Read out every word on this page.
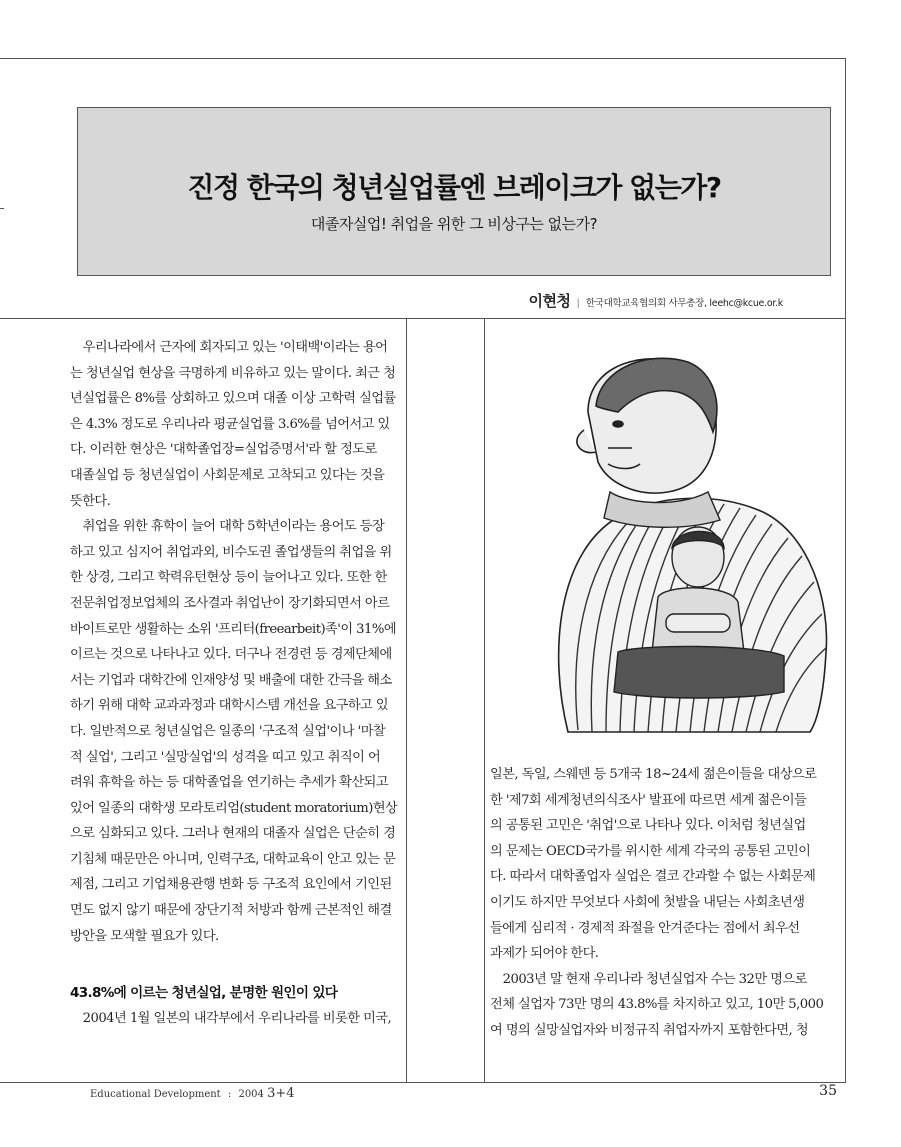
진정 한국의 청년실업률엔 브레이크가 없는가?
대졸자실업! 취업을 위한 그 비상구는 없는가?
이현청 | 한국대학교육협의회 사무총장, leehc@kcue.or.k
　우리나라에서 근자에 회자되고 있는 '이태백'이라는 용어
는 청년실업 현상을 극명하게 비유하고 있는 말이다. 최근 청
년실업률은 8%를 상회하고 있으며 대졸 이상 고학력 실업률
은 4.3% 정도로 우리나라 평균실업률 3.6%를 넘어서고 있
다. 이러한 현상은 '대학졸업장=실업증명서'라 할 정도로
대졸실업 등 청년실업이 사회문제로 고착되고 있다는 것을
뜻한다.
　취업을 위한 휴학이 늘어 대학 5학년이라는 용어도 등장
하고 있고 심지어 취업과외, 비수도권 졸업생들의 취업을 위
한 상경, 그리고 학력유턴현상 등이 늘어나고 있다. 또한 한
전문취업정보업체의 조사결과 취업난이 장기화되면서 아르
바이트로만 생활하는 소위 '프리터(freearbeit)족'이 31%에
이르는 것으로 나타나고 있다. 더구나 전경련 등 경제단체에
서는 기업과 대학간에 인재양성 및 배출에 대한 간극을 해소
하기 위해 대학 교과과정과 대학시스템 개선을 요구하고 있
다. 일반적으로 청년실업은 일종의 '구조적 실업'이나 '마찰
적 실업', 그리고 '실망실업'의 성격을 띠고 있고 취직이 어
려워 휴학을 하는 등 대학졸업을 연기하는 추세가 확산되고
있어 일종의 대학생 모라토리엄(student moratorium)현상
으로 심화되고 있다. 그러나 현재의 대졸자 실업은 단순히 경
기침체 때문만은 아니며, 인력구조, 대학교육이 안고 있는 문
제점, 그리고 기업채용관행 변화 등 구조적 요인에서 기인된
면도 없지 않기 때문에 장단기적 처방과 함께 근본적인 해결
방안을 모색할 필요가 있다.
43.8%에 이르는 청년실업, 분명한 원인이 있다
　2004년 1월 일본의 내각부에서 우리나라를 비롯한 미국,
일본, 독일, 스웨덴 등 5개국 18~24세 젊은이들을 대상으로
한 '제7회 세계청년의식조사' 발표에 따르면 세계 젊은이들
의 공통된 고민은 '취업'으로 나타나 있다. 이처럼 청년실업
의 문제는 OECD국가를 위시한 세계 각국의 공통된 고민이
다. 따라서 대학졸업자 실업은 결코 간과할 수 없는 사회문제
이기도 하지만 무엇보다 사회에 첫발을 내딛는 사회초년생
들에게 심리적 · 경제적 좌절을 안겨준다는 점에서 최우선
과제가 되어야 한다.
　2003년 말 현재 우리나라 청년실업자 수는 32만 명으로
전체 실업자 73만 명의 43.8%를 차지하고 있고, 10만 5,000
여 명의 실망실업자와 비정규직 취업자까지 포함한다면, 청
Educational Development : 2004 3+4	35
